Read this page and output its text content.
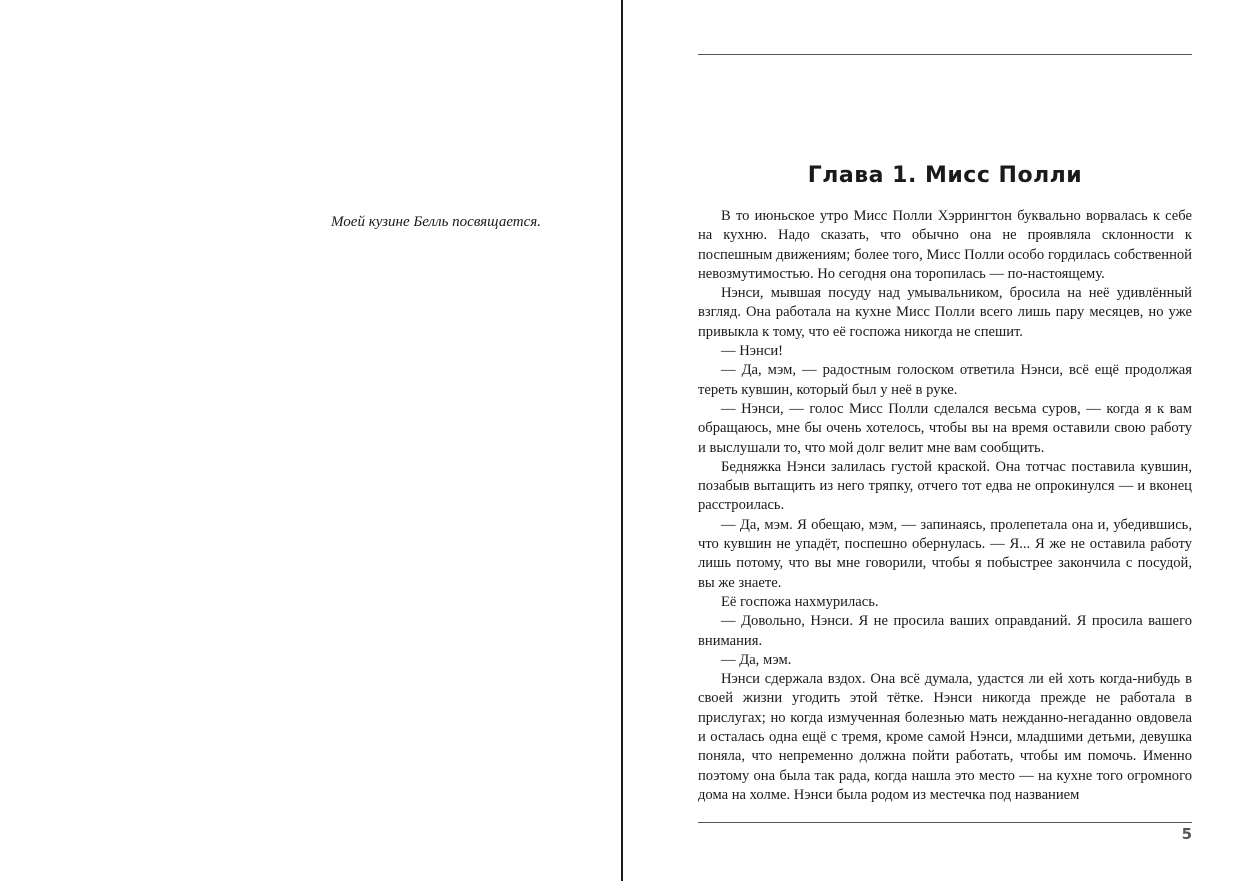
Моей кузине Белль посвящается.
Глава 1. Мисс Полли

В то июньское утро Мисс Полли Хэррингтон буквально ворвалась к себе на кухню. Надо сказать, что обычно она не проявляла склонности к поспешным движениям; более того, Мисс Полли особо гордилась собственной невозмутимостью. Но сегодня она торопилась — по-настоящему.

Нэнси, мывшая посуду над умывальником, бросила на неё удивлённый взгляд. Она работала на кухне Мисс Полли всего лишь пару месяцев, но уже привыкла к тому, что её госпожа никогда не спешит.

— Нэнси!

— Да, мэм, — радостным голоском ответила Нэнси, всё ещё продолжая тереть кувшин, который был у неё в руке.

— Нэнси, — голос Мисс Полли сделался весьма суров, — когда я к вам обращаюсь, мне бы очень хотелось, чтобы вы на время оставили свою работу и выслушали то, что мой долг велит мне вам сообщить.

Бедняжка Нэнси залилась густой краской. Она тотчас поставила кувшин, позабыв вытащить из него тряпку, отчего тот едва не опрокинулся — и вконец расстроилась.

— Да, мэм. Я обещаю, мэм, — запинаясь, пролепетала она и, убедившись, что кувшин не упадёт, поспешно обернулась. — Я... Я же не оставила работу лишь потому, что вы мне говорили, чтобы я побыстрее закончила с посудой, вы же знаете.

Её госпожа нахмурилась.

— Довольно, Нэнси. Я не просила ваших оправданий. Я просила вашего внимания.

— Да, мэм.

Нэнси сдержала вздох. Она всё думала, удастся ли ей хоть когда-нибудь в своей жизни угодить этой тётке. Нэнси никогда прежде не работала в прислугах; но когда измученная болезнью мать нежданно-негаданно овдовела и осталась одна ещё с тремя, кроме самой Нэнси, младшими детьми, девушка поняла, что непременно должна пойти работать, чтобы им помочь. Именно поэтому она была так рада, когда нашла это место — на кухне того огромного дома на холме. Нэнси была родом из местечка под названием

5
